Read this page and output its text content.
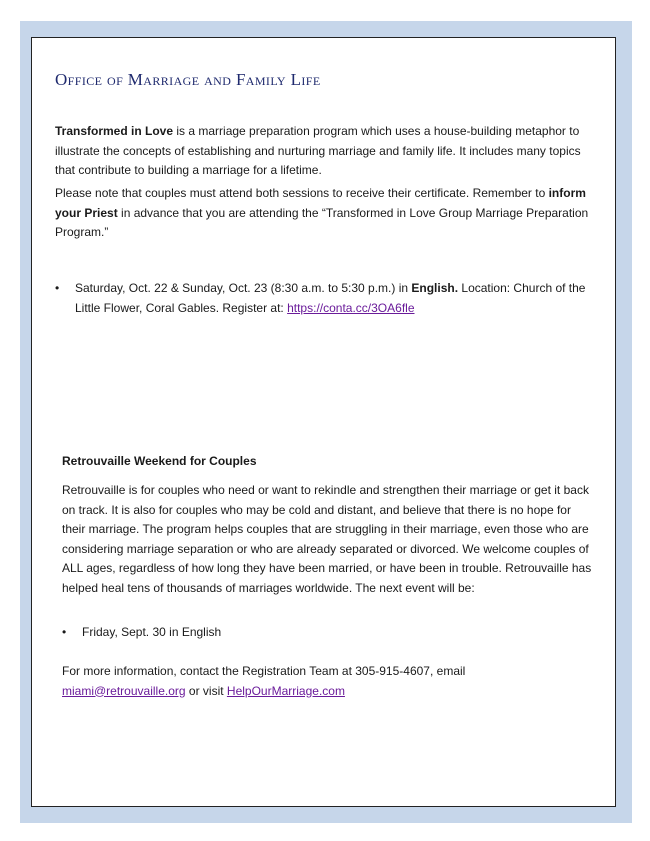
Office of Marriage and Family Life

Transformed in Love is a marriage preparation program which uses a house-building metaphor to illustrate the concepts of establishing and nurturing marriage and family life. It includes many topics that contribute to building a marriage for a lifetime.

Please note that couples must attend both sessions to receive their certificate. Remember to inform your Priest in advance that you are attending the “Transformed in Love Group Marriage Preparation Program.”

• Saturday, Oct. 22 & Sunday, Oct. 23 (8:30 a.m. to 5:30 p.m.) in English. Location: Church of the Little Flower, Coral Gables. Register at: https://conta.cc/3OA6fle

Retrouvaille Weekend for Couples

Retrouvaille is for couples who need or want to rekindle and strengthen their marriage or get it back on track. It is also for couples who may be cold and distant, and believe that there is no hope for their marriage. The program helps couples that are struggling in their marriage, even those who are considering marriage separation or who are already separated or divorced. We welcome couples of ALL ages, regardless of how long they have been married, or have been in trouble. Retrouvaille has helped heal tens of thousands of marriages worldwide. The next event will be:

• Friday, Sept. 30 in English

For more information, contact the Registration Team at 305-915-4607, email miami@retrouvaille.org or visit HelpOurMarriage.com
